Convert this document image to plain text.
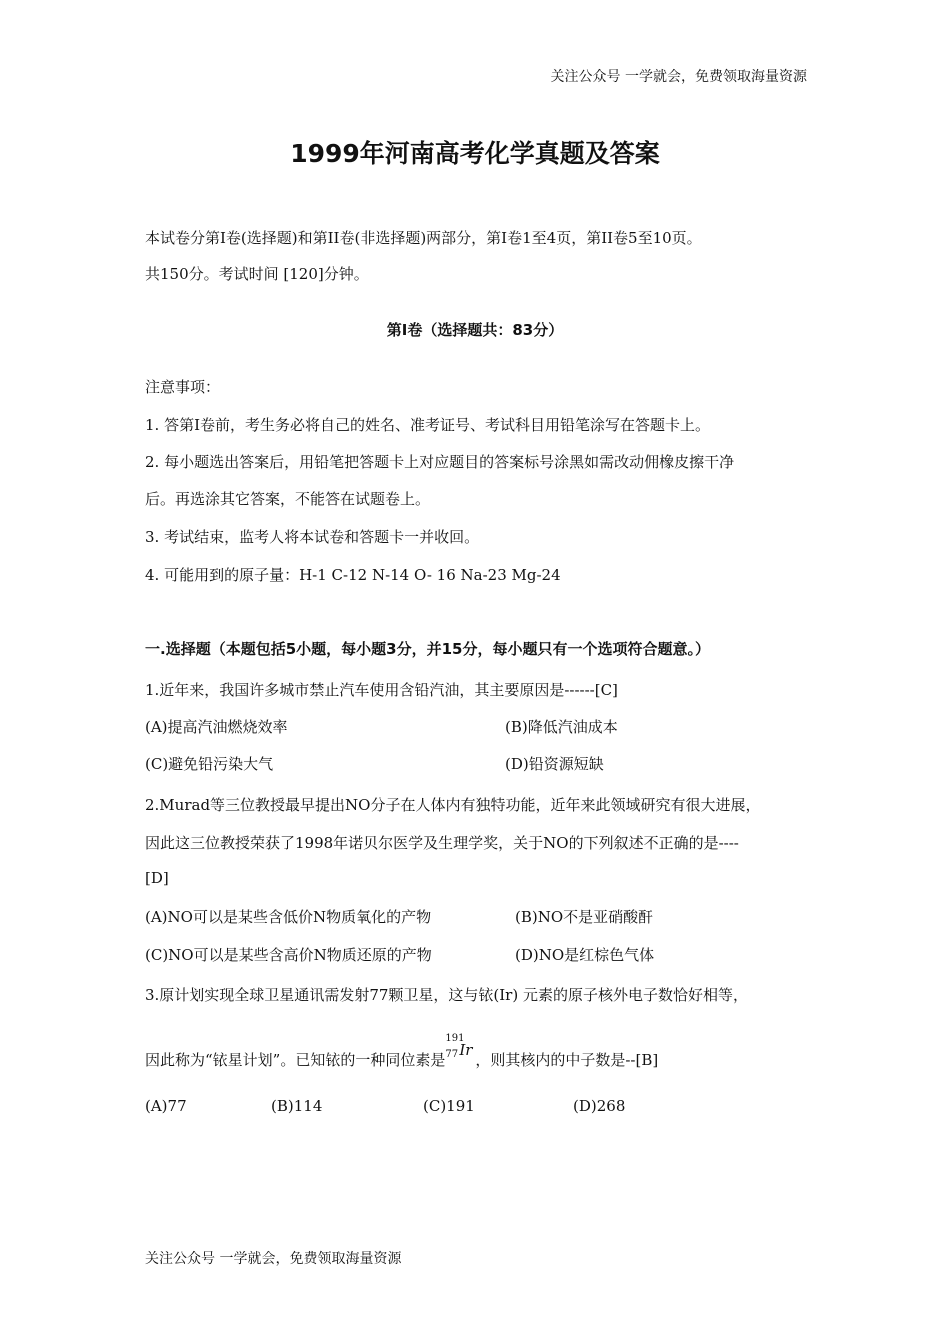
关注公众号 一学就会，免费领取海量资源
1999年河南高考化学真题及答案
本试卷分第I卷(选择题)和第II卷(非选择题)两部分，第I卷1至4页，第II卷5至10页。
共150分。考试时间 [120]分钟。
第I卷（选择题共：83分）
注意事项：
1. 答第I卷前，考生务必将自己的姓名、准考证号、考试科目用铅笔涂写在答题卡上。
2. 每小题选出答案后，用铅笔把答题卡上对应题目的答案标号涂黑如需改动佣橡皮擦干净
后。再选涂其它答案，不能答在试题卷上。
3. 考试结束，监考人将本试卷和答题卡一并收回。
4. 可能用到的原子量：H-1 C-12 N-14 O- 16 Na-23 Mg-24
一.选择题（本题包括5小题，每小题3分，并15分，每小题只有一个选项符合题意。）
1.近年来，我国许多城市禁止汽车使用含铅汽油，其主要原因是------[C]
(A)提高汽油燃烧效率	(B)降低汽油成本
(C)避免铅污染大气	(D)铅资源短缺
2.Murad等三位教授最早提出NO分子在人体内有独特功能，近年来此领域研究有很大进展，
因此这三位教授荣获了1998年诺贝尔医学及生理学奖，关于NO的下列叙述不正确的是----
[D]
(A)NO可以是某些含低价N物质氧化的产物	(B)NO不是亚硝酸酐
(C)NO可以是某些含高价N物质还原的产物	(D)NO是红棕色气体
3.原计划实现全球卫星通讯需发射77颗卫星，这与铱(Ir) 元素的原子核外电子数恰好相等，
因此称为“铱星计划”。已知铱的一种同位素是
191
77 Ir
，则其核内的中子数是--[B]
(A)77	(B)114	(C)191	(D)268
关注公众号 一学就会，免费领取海量资源
